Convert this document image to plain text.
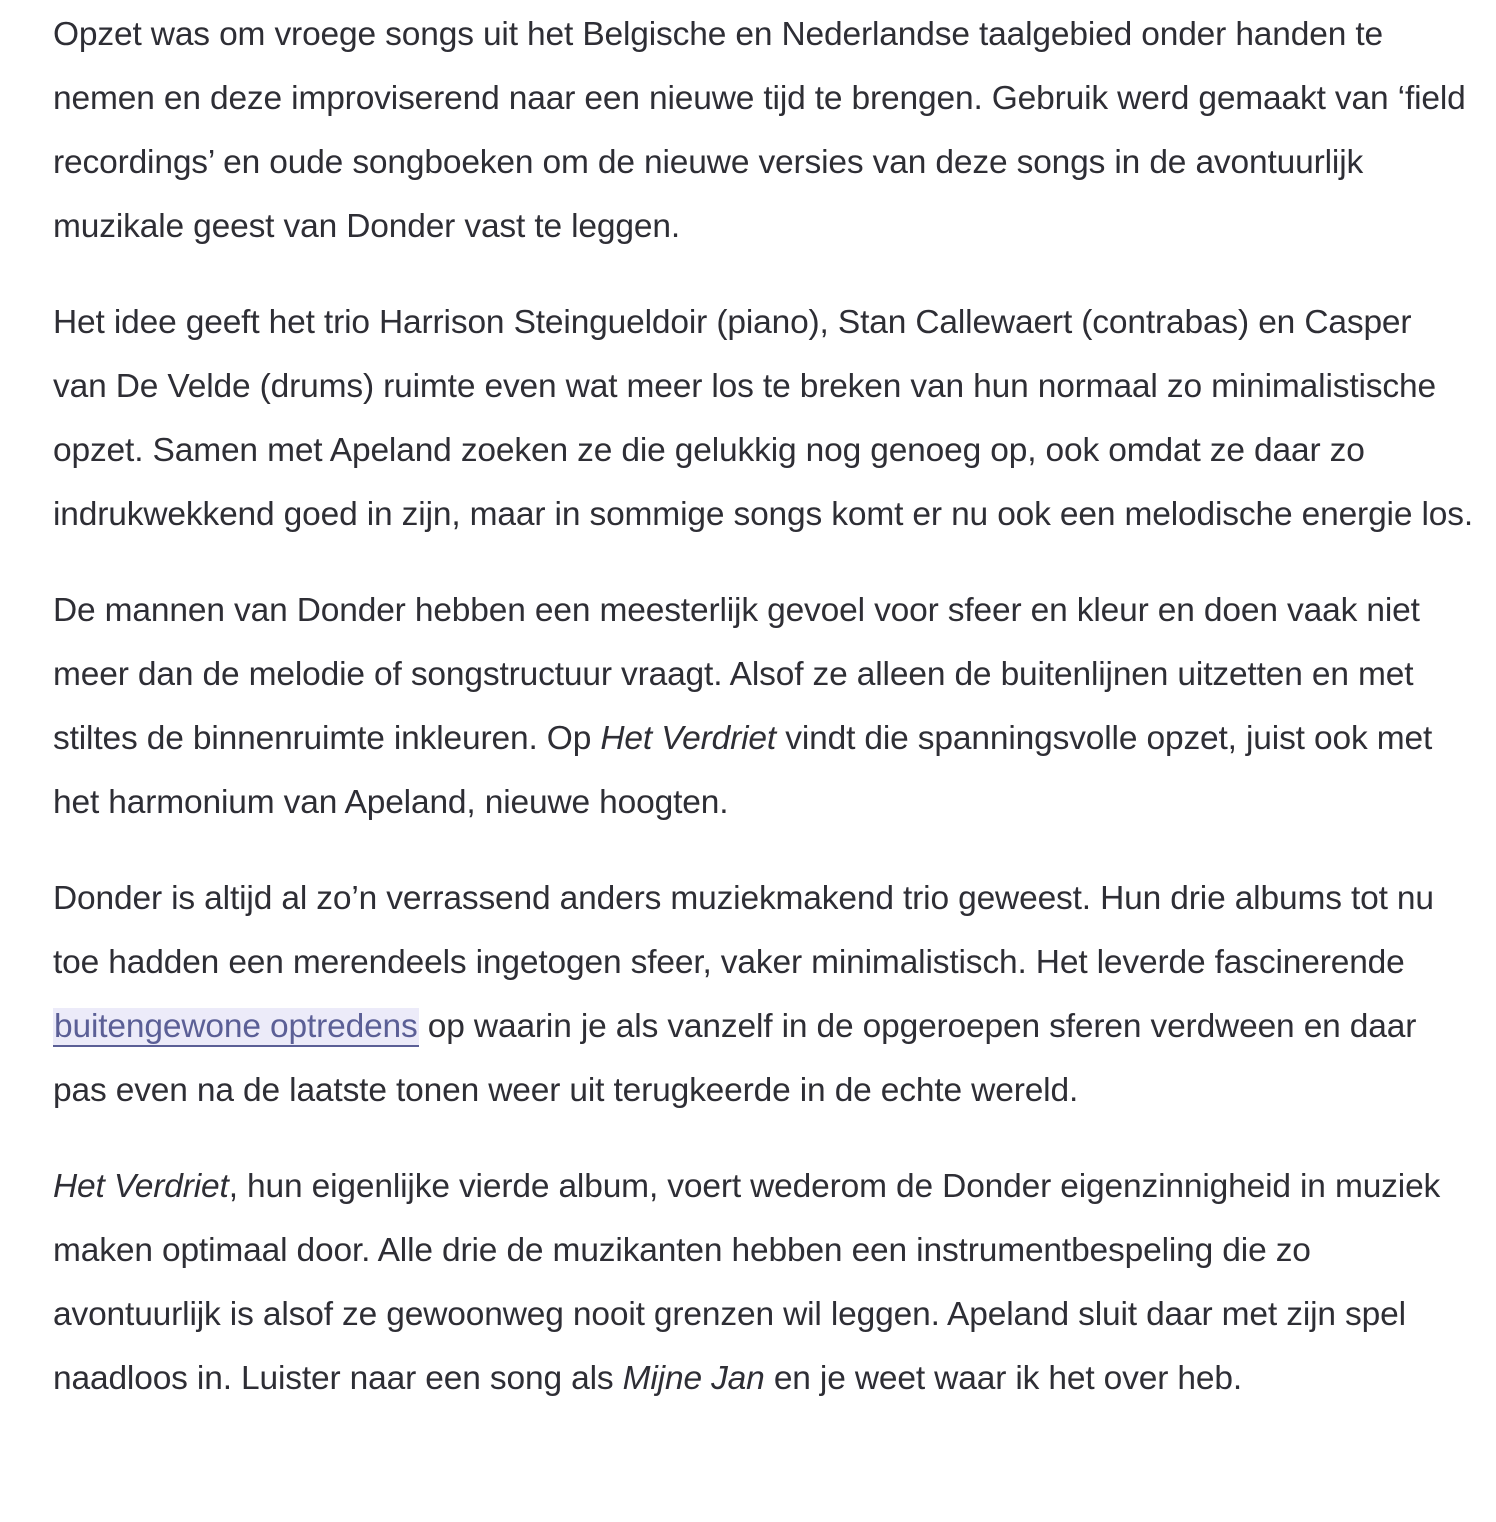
Opzet was om vroege songs uit het Belgische en Nederlandse taalgebied onder handen te nemen en deze improviserend naar een nieuwe tijd te brengen. Gebruik werd gemaakt van ‘field recordings’ en oude songboeken om de nieuwe versies van deze songs in de avontuurlijk muzikale geest van Donder vast te leggen.

Het idee geeft het trio Harrison Steingueldoir (piano), Stan Callewaert (contrabas) en Casper van De Velde (drums) ruimte even wat meer los te breken van hun normaal zo minimalistische opzet. Samen met Apeland zoeken ze die gelukkig nog genoeg op, ook omdat ze daar zo indrukwekkend goed in zijn, maar in sommige songs komt er nu ook een melodische energie los.

De mannen van Donder hebben een meesterlijk gevoel voor sfeer en kleur en doen vaak niet meer dan de melodie of songstructuur vraagt. Alsof ze alleen de buitenlijnen uitzetten en met stiltes de binnenruimte inkleuren. Op Het Verdriet vindt die spanningsvolle opzet, juist ook met het harmonium van Apeland, nieuwe hoogten.

Donder is altijd al zo’n verrassend anders muziekmakend trio geweest. Hun drie albums tot nu toe hadden een merendeels ingetogen sfeer, vaker minimalistisch. Het leverde fascinerende buitengewone optredens op waarin je als vanzelf in de opgeroepen sferen verdween en daar pas even na de laatste tonen weer uit terugkeerde in de echte wereld.

Het Verdriet, hun eigenlijke vierde album, voert wederom de Donder eigenzinnigheid in muziek maken optimaal door. Alle drie de muzikanten hebben een instrumentbespeling die zo avontuurlijk is alsof ze gewoonweg nooit grenzen wil leggen. Apeland sluit daar met zijn spel naadloos in. Luister naar een song als Mijne Jan en je weet waar ik het over heb.
